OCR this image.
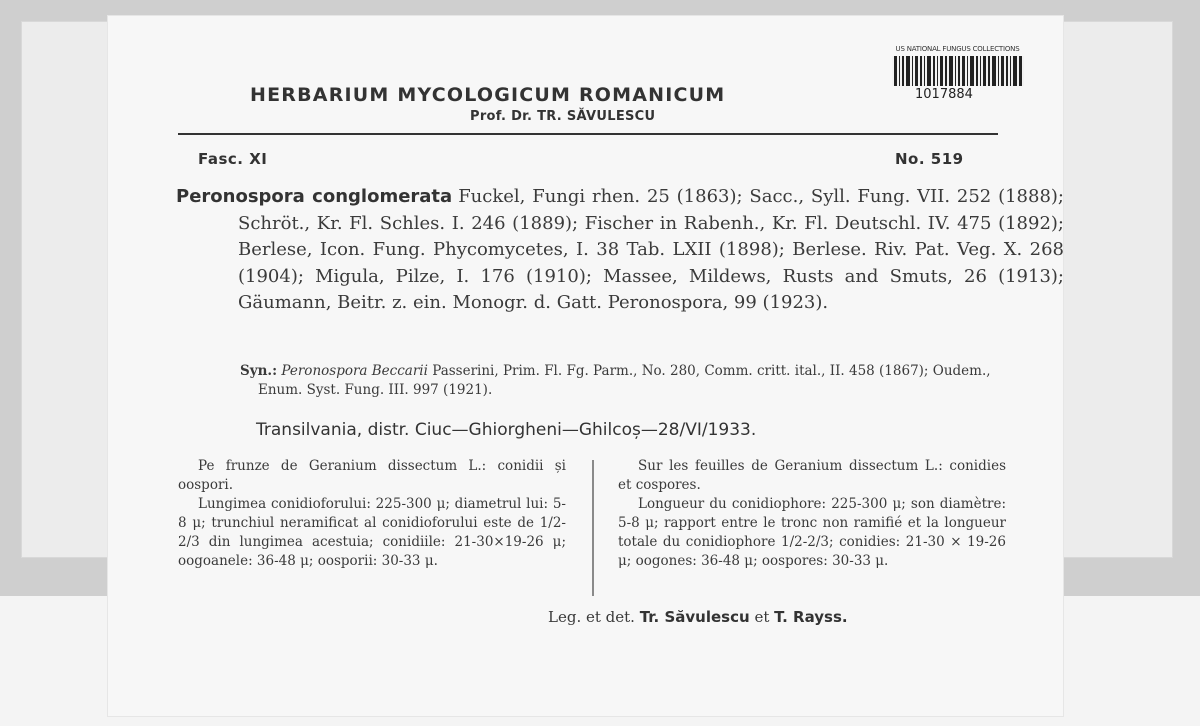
US NATIONAL FUNGUS COLLECTIONS
1017884
HERBARIUM MYCOLOGICUM ROMANICUM
Prof. Dr. TR. SĂVULESCU
Fasc. XI	No. 519
Peronospora conglomerata Fuckel, Fungi rhen. 25 (1863); Sacc., Syll. Fung. VII. 252 (1888); Schröt., Kr. Fl. Schles. I. 246 (1889); Fischer in Rabenh., Kr. Fl. Deutschl. IV. 475 (1892); Berlese, Icon. Fung. Phycomycetes, I. 38 Tab. LXII (1898); Berlese. Riv. Pat. Veg. X. 268 (1904); Migula, Pilze, I. 176 (1910); Massee, Mildews, Rusts and Smuts, 26 (1913); Gäumann, Beitr. z. ein. Monogr. d. Gatt. Peronospora, 99 (1923).
Syn.: Peronospora Beccarii Passerini, Prim. Fl. Fg. Parm., No. 280, Comm. critt. ital., II. 458 (1867); Oudem., Enum. Syst. Fung. III. 997 (1921).
Transilvania, distr. Ciuc—Ghiorgheni—Ghilcoș—28/VI/1933.

Pe frunze de Geranium dissectum L.: conidii și oospori.

Lungimea conidioforului: 225-300 μ; diametrul lui: 5-8 μ; trunchiul neramificat al conidioforului este de 1/2-2/3 din lungimea acestuia; conidiile: 21-30×19-26 μ; oogoanele: 36-48 μ; oosporii: 30-33 μ.

Sur les feuilles de Geranium dissectum L.: conidies et cospores.

Longueur du conidiophore: 225-300 μ; son diamètre: 5-8 μ; rapport entre le tronc non ramifié et la longueur totale du conidiophore 1/2-2/3; conidies: 21-30 × 19-26 μ; oogones: 36-48 μ; oospores: 30-33 μ.

Leg. et det. Tr. Săvulescu et T. Rayss.
